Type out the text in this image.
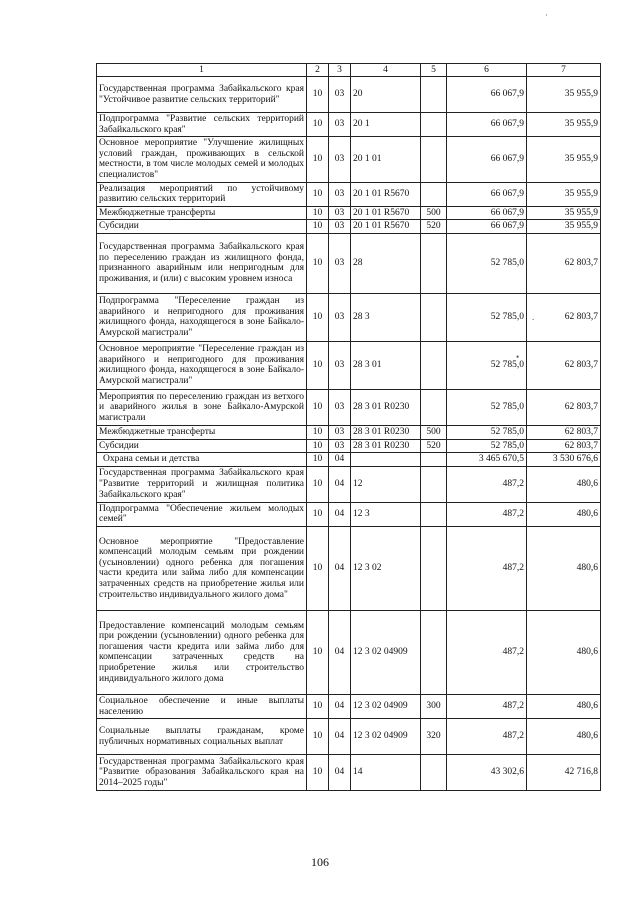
1	2	3	4	5	6	7
Государственная программа Забайкальского края "Устойчивое развитие сельских территорий"	10	03	20		66 067,9	35 955,9
Подпрограмма "Развитие сельских территорий Забайкальского края"	10	03	20 1		66 067,9	35 955,9
Основное мероприятие "Улучшение жилищных условий граждан, проживающих в сельской местности, в том числе молодых семей и молодых специалистов"	10	03	20 1 01		66 067,9	35 955,9
Реализация мероприятий по устойчивому развитию сельских территорий	10	03	20 1 01 R5670		66 067,9	35 955,9
Межбюджетные трансферты	10	03	20 1 01 R5670	500	66 067,9	35 955,9
Субсидии	10	03	20 1 01 R5670	520	66 067,9	35 955,9
Государственная программа Забайкальского края по переселению граждан из жилищного фонда, признанного аварийным или непригодным для проживания, и (или) с высоким уровнем износа	10	03	28		52 785,0	62 803,7
Подпрограмма "Переселение граждан из аварийного и непригодного для проживания жилищного фонда, находящегося в зоне Байкало-Амурской магистрали"	10	03	28 3		52 785,0	62 803,7
Основное мероприятие "Переселение граждан из аварийного и непригодного для проживания жилищного фонда, находящегося в зоне Байкало-Амурской магистрали"	10	03	28 3 01		52 785,0	62 803,7
Мероприятия по переселению граждан из ветхого и аварийного жилья в зоне Байкало-Амурской магистрали	10	03	28 3 01 R0230		52 785,0	62 803,7
Межбюджетные трансферты	10	03	28 3 01 R0230	500	52 785,0	62 803,7
Субсидии	10	03	28 3 01 R0230	520	52 785,0	62 803,7
Охрана семьи и детства	10	04			3 465 670,5	3 530 676,6
Государственная программа Забайкальского края "Развитие территорий и жилищная политика Забайкальского края"	10	04	12		487,2	480,6
Подпрограмма "Обеспечение жильем молодых семей"	10	04	12 3		487,2	480,6
Основное мероприятие "Предоставление компенсаций молодым семьям при рождении (усыновлении) одного ребенка для погашения части кредита или займа либо для компенсации затраченных средств на приобретение жилья или строительство индивидуального жилого дома"	10	04	12 3 02		487,2	480,6
Предоставление компенсаций молодым семьям при рождении (усыновлении) одного ребенка для погашения части кредита или займа либо для компенсации затраченных средств на приобретение жилья или строительство индивидуального жилого дома	10	04	12 3 02 04909		487,2	480,6
Социальное обеспечение и иные выплаты населению	10	04	12 3 02 04909	300	487,2	480,6
Социальные выплаты гражданам, кроме публичных нормативных социальных выплат	10	04	12 3 02 04909	320	487,2	480,6
Государственная программа Забайкальского края "Развитие образования Забайкальского края на 2014–2025 годы"	10	04	14		43 302,6	42 716,8
106
·
.
•
